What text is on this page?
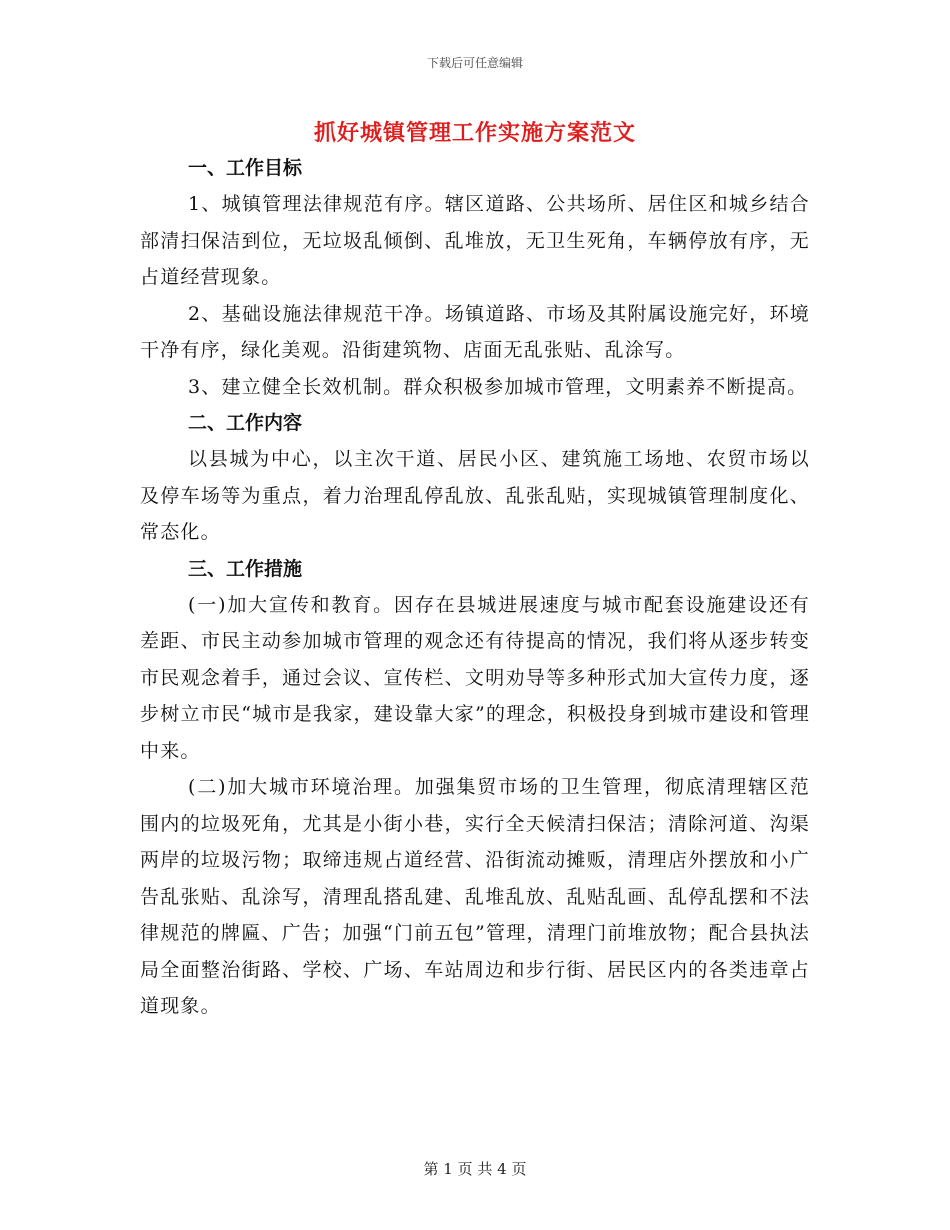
下载后可任意编辑
抓好城镇管理工作实施方案范文

一、工作目标

1、城镇管理法律规范有序。辖区道路、公共场所、居住区和城乡结合部清扫保洁到位，无垃圾乱倾倒、乱堆放，无卫生死角，车辆停放有序，无占道经营现象。

2、基础设施法律规范干净。场镇道路、市场及其附属设施完好，环境干净有序，绿化美观。沿街建筑物、店面无乱张贴、乱涂写。

3、建立健全长效机制。群众积极参加城市管理，文明素养不断提高。

二、工作内容

以县城为中心，以主次干道、居民小区、建筑施工场地、农贸市场以及停车场等为重点，着力治理乱停乱放、乱张乱贴，实现城镇管理制度化、常态化。

三、工作措施

(一)加大宣传和教育。因存在县城进展速度与城市配套设施建设还有差距、市民主动参加城市管理的观念还有待提高的情况，我们将从逐步转变市民观念着手，通过会议、宣传栏、文明劝导等多种形式加大宣传力度，逐步树立市民“城市是我家，建设靠大家”的理念，积极投身到城市建设和管理中来。

(二)加大城市环境治理。加强集贸市场的卫生管理，彻底清理辖区范围内的垃圾死角，尤其是小街小巷，实行全天候清扫保洁；清除河道、沟渠两岸的垃圾污物；取缔违规占道经营、沿街流动摊贩，清理店外摆放和小广告乱张贴、乱涂写，清理乱搭乱建、乱堆乱放、乱贴乱画、乱停乱摆和不法律规范的牌匾、广告；加强“门前五包”管理，清理门前堆放物；配合县执法局全面整治街路、学校、广场、车站周边和步行街、居民区内的各类违章占道现象。

第 1 页 共 4 页
